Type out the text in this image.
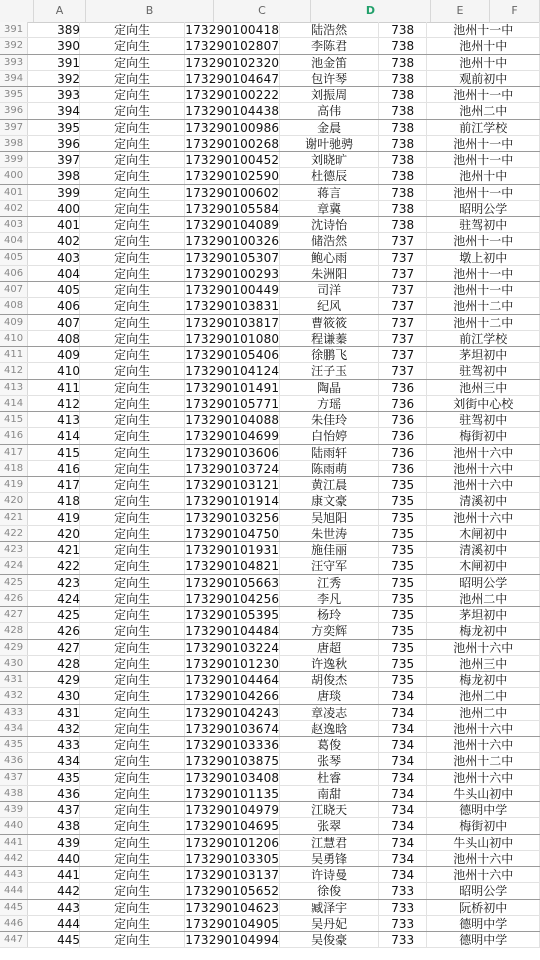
A	B	C	D	E	F
391	389	定向生	173290100418	陆浩然	738	池州十一中
392	390	定向生	173290102807	李陈君	738	池州十中
393	391	定向生	173290102320	池金笛	738	池州十中
394	392	定向生	173290104647	包许琴	738	观前初中
395	393	定向生	173290100222	刘振周	738	池州十一中
396	394	定向生	173290104438	高伟	738	池州二中
397	395	定向生	173290100986	金晨	738	前江学校
398	396	定向生	173290100268	谢叶驰骋	738	池州十一中
399	397	定向生	173290100452	刘晓旷	738	池州十一中
400	398	定向生	173290102590	杜德辰	738	池州十中
401	399	定向生	173290100602	蒋言	738	池州十一中
402	400	定向生	173290105584	章冀	738	昭明公学
403	401	定向生	173290104089	沈诗怡	738	驻驾初中
404	402	定向生	173290100326	储浩然	737	池州十一中
405	403	定向生	173290105307	鲍心雨	737	墩上初中
406	404	定向生	173290100293	朱洲阳	737	池州十一中
407	405	定向生	173290100449	司洋	737	池州十一中
408	406	定向生	173290103831	纪风	737	池州十二中
409	407	定向生	173290103817	曹筱筱	737	池州十二中
410	408	定向生	173290101080	程谦蓁	737	前江学校
411	409	定向生	173290105406	徐鹏飞	737	茅坦初中
412	410	定向生	173290104124	汪子玉	737	驻驾初中
413	411	定向生	173290101491	陶晶	736	池州三中
414	412	定向生	173290105771	方瑶	736	刘街中心校
415	413	定向生	173290104088	朱佳玲	736	驻驾初中
416	414	定向生	173290104699	白怡婷	736	梅街初中
417	415	定向生	173290103606	陆雨轩	736	池州十六中
418	416	定向生	173290103724	陈雨萌	736	池州十六中
419	417	定向生	173290103121	黄江晨	735	池州十六中
420	418	定向生	173290101914	康文豪	735	清溪初中
421	419	定向生	173290103256	吴旭阳	735	池州十六中
422	420	定向生	173290104750	朱世涛	735	木闸初中
423	421	定向生	173290101931	施佳丽	735	清溪初中
424	422	定向生	173290104821	汪守军	735	木闸初中
425	423	定向生	173290105663	江秀	735	昭明公学
426	424	定向生	173290104256	李凡	735	池州二中
427	425	定向生	173290105395	杨玲	735	茅坦初中
428	426	定向生	173290104484	方奕辉	735	梅龙初中
429	427	定向生	173290103224	唐超	735	池州十六中
430	428	定向生	173290101230	许逸秋	735	池州三中
431	429	定向生	173290104464	胡俊杰	735	梅龙初中
432	430	定向生	173290104266	唐琰	734	池州二中
433	431	定向生	173290104243	章凌志	734	池州二中
434	432	定向生	173290103674	赵逸晗	734	池州十六中
435	433	定向生	173290103336	葛俊	734	池州十六中
436	434	定向生	173290103875	张琴	734	池州十二中
437	435	定向生	173290103408	杜睿	734	池州十六中
438	436	定向生	173290101135	南甜	734	牛头山初中
439	437	定向生	173290104979	江晓天	734	德明中学
440	438	定向生	173290104695	张翠	734	梅街初中
441	439	定向生	173290101206	江慧君	734	牛头山初中
442	440	定向生	173290103305	吴勇锋	734	池州十六中
443	441	定向生	173290103137	许诗曼	734	池州十六中
444	442	定向生	173290105652	徐俊	733	昭明公学
445	443	定向生	173290104623	臧泽宇	733	阮桥初中
446	444	定向生	173290104905	吴丹妃	733	德明中学
447	445	定向生	173290104994	吴俊豪	733	德明中学
